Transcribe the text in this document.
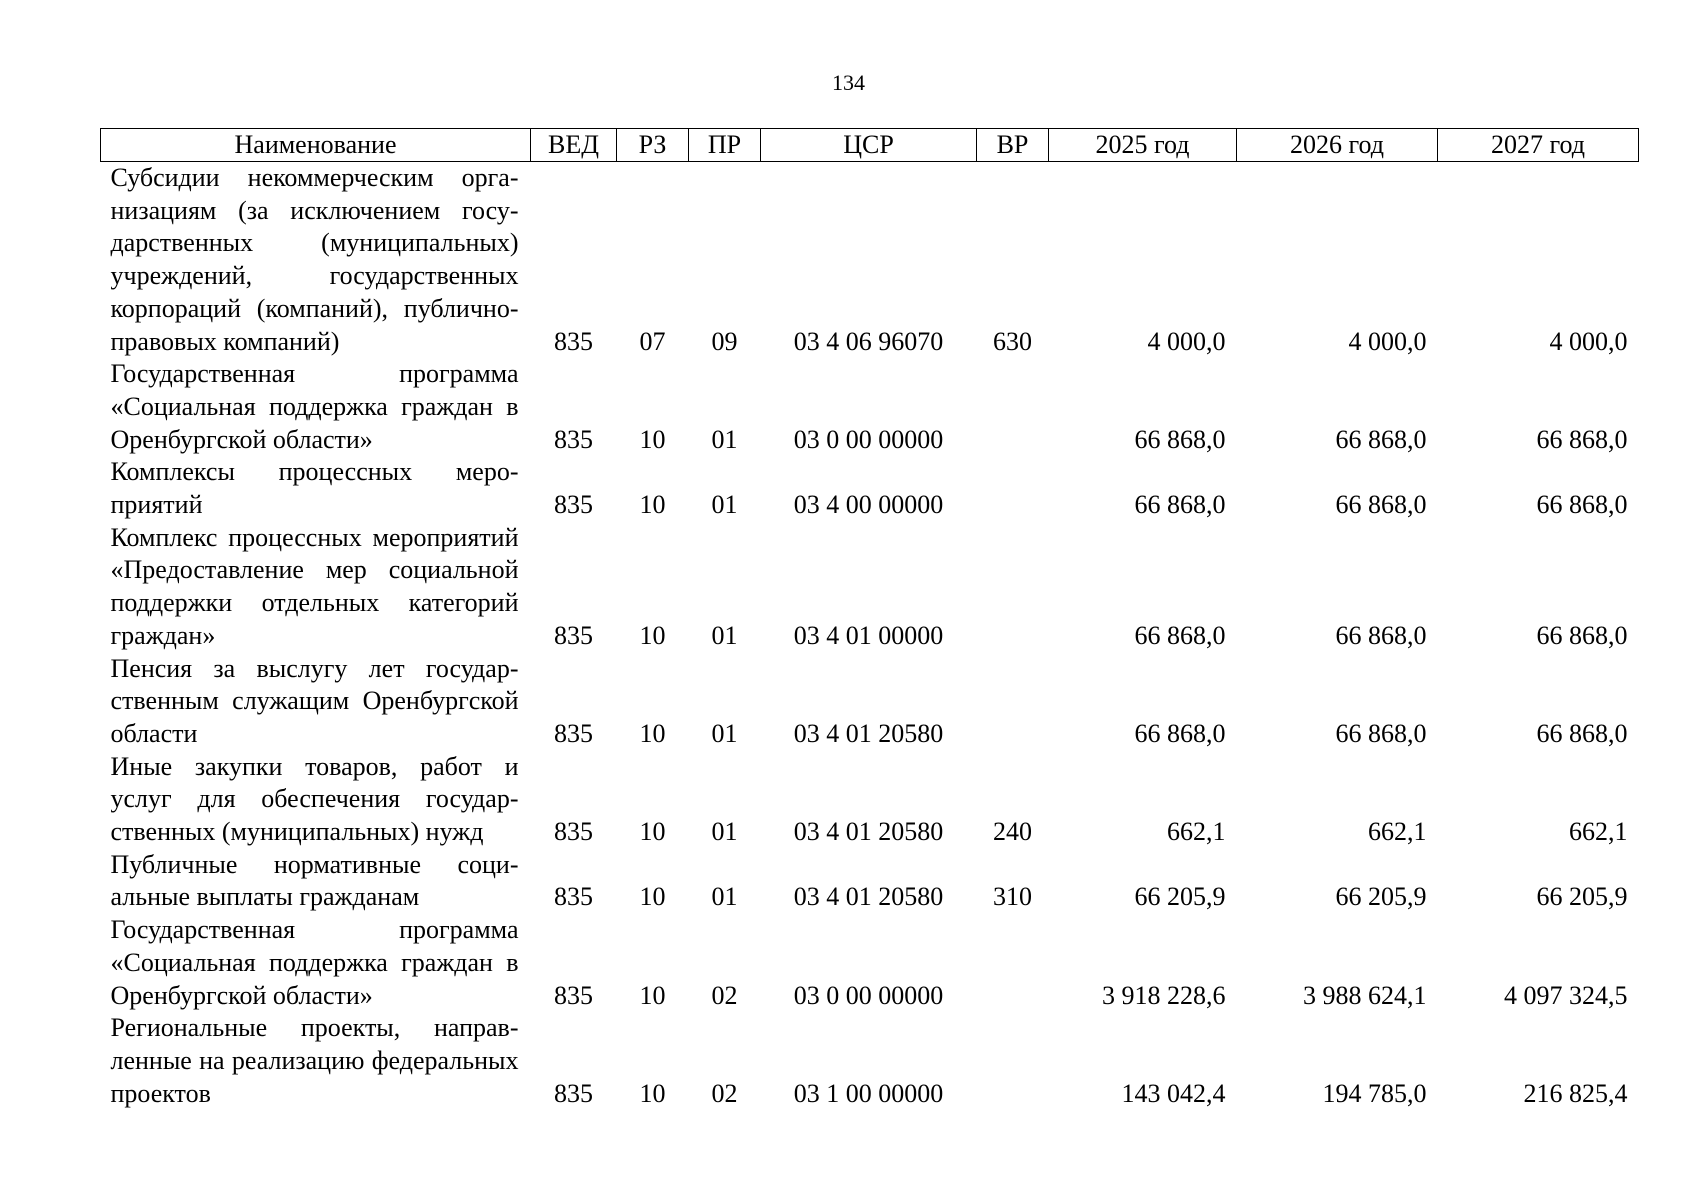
134
Наименование	ВЕД	РЗ	ПР	ЦСР	ВР	2025 год	2026 год	2027 год
Субсидии некоммерческим организациям (за исключением государственных (муниципальных) учреждений, государственных корпораций (компаний), публично-правовых компаний)	835	07	09	03 4 06 96070	630	4 000,0	4 000,0	4 000,0
Государственная программа «Социальная поддержка граждан в Оренбургской области»	835	10	01	03 0 00 00000		66 868,0	66 868,0	66 868,0
Комплексы процессных мероприятий	835	10	01	03 4 00 00000		66 868,0	66 868,0	66 868,0
Комплекс процессных мероприятий «Предоставление мер социальной поддержки отдельных категорий граждан»	835	10	01	03 4 01 00000		66 868,0	66 868,0	66 868,0
Пенсия за выслугу лет государственным служащим Оренбургской области	835	10	01	03 4 01 20580		66 868,0	66 868,0	66 868,0
Иные закупки товаров, работ и услуг для обеспечения государственных (муниципальных) нужд	835	10	01	03 4 01 20580	240	662,1	662,1	662,1
Публичные нормативные социальные выплаты гражданам	835	10	01	03 4 01 20580	310	66 205,9	66 205,9	66 205,9
Государственная программа «Социальная поддержка граждан в Оренбургской области»	835	10	02	03 0 00 00000		3 918 228,6	3 988 624,1	4 097 324,5
Региональные проекты, направленные на реализацию федеральных проектов	835	10	02	03 1 00 00000		143 042,4	194 785,0	216 825,4
